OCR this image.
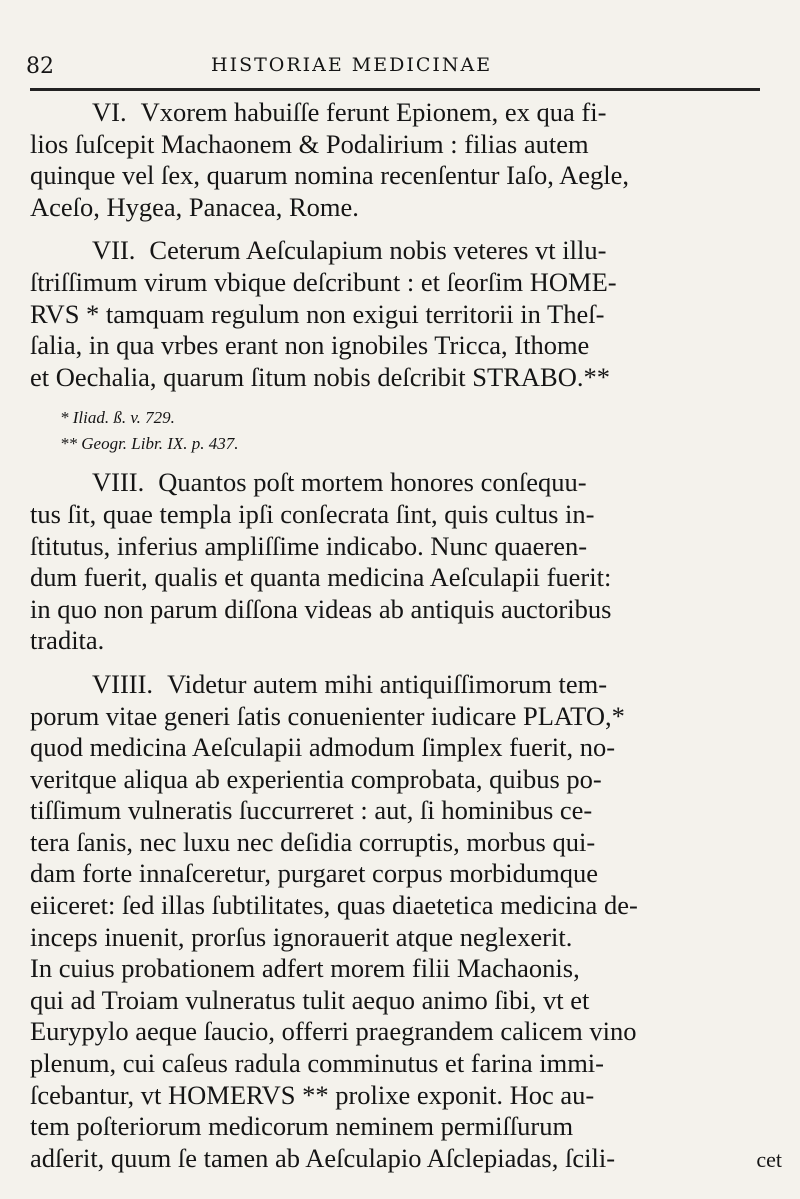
82	HISTORIAE MEDICINAE
VI. Vxorem habuiſſe ferunt Epionem, ex qua fi-
lios ſuſcepit Machaonem & Podalirium : filias autem
quinque vel ſex, quarum nomina recenſentur Iaſo, Aegle,
Aceſo, Hygea, Panacea, Rome.
VII. Ceterum Aeſculapium nobis veteres vt illu-
ſtriſſimum virum vbique deſcribunt : et ſeorſim HOME-
RVS * tamquam regulum non exigui territorii in Theſ-
ſalia, in qua vrbes erant non ignobiles Tricca, Ithome
et Oechalia, quarum ſitum nobis deſcribit STRABO.**
* Iliad. ß. v. 729.
** Geogr. Libr. IX. p. 437.
VIII. Quantos poſt mortem honores conſequu-
tus ſit, quae templa ipſi conſecrata ſint, quis cultus in-
ſtitutus, inferius ampliſſime indicabo. Nunc quaeren-
dum fuerit, qualis et quanta medicina Aeſculapii fuerit:
in quo non parum diſſona videas ab antiquis auctoribus
tradita.
VIIII. Videtur autem mihi antiquiſſimorum tem-
porum vitae generi ſatis conuenienter iudicare PLATO,*
quod medicina Aeſculapii admodum ſimplex fuerit, no-
veritque aliqua ab experientia comprobata, quibus po-
tiſſimum vulneratis ſuccurreret : aut, ſi hominibus ce-
tera ſanis, nec luxu nec deſidia corruptis, morbus qui-
dam forte innaſceretur, purgaret corpus morbidumque
eiiceret: ſed illas ſubtilitates, quas diaetetica medicina de-
inceps inuenit, prorſus ignorauerit atque neglexerit.
In cuius probationem adfert morem filii Machaonis,
qui ad Troiam vulneratus tulit aequo animo ſibi, vt et
Eurypylo aeque ſaucio, offerri praegrandem calicem vino
plenum, cui caſeus radula comminutus et farina immi-
ſcebantur, vt HOMERVS ** prolixe exponit. Hoc au-
tem poſteriorum medicorum neminem permiſſurum
adſerit, quum ſe tamen ab Aeſculapio Aſclepiadas, ſcili-	cet
